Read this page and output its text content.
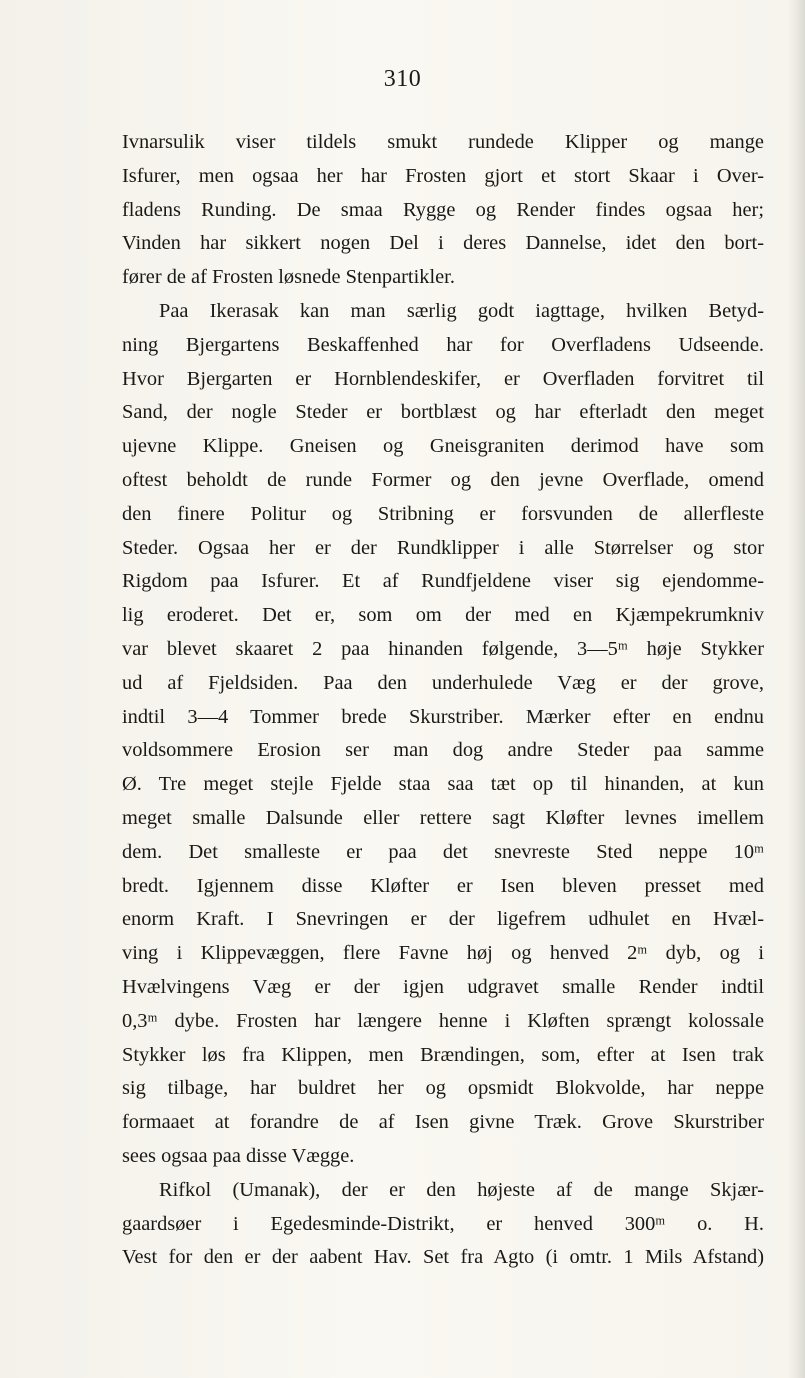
310
Ivnarsulik viser tildels smukt rundede Klipper og mange
Isfurer, men ogsaa her har Frosten gjort et stort Skaar i Over-
fladens Runding. De smaa Rygge og Render findes ogsaa her;
Vinden har sikkert nogen Del i deres Dannelse, idet den bort-
fører de af Frosten løsnede Stenpartikler.
Paa Ikerasak kan man særlig godt iagttage, hvilken Betyd-
ning Bjergartens Beskaffenhed har for Overfladens Udseende.
Hvor Bjergarten er Hornblendeskifer, er Overfladen forvitret til
Sand, der nogle Steder er bortblæst og har efterladt den meget
ujevne Klippe. Gneisen og Gneisgraniten derimod have som
oftest beholdt de runde Former og den jevne Overflade, omend
den finere Politur og Stribning er forsvunden de allerfleste
Steder. Ogsaa her er der Rundklipper i alle Størrelser og stor
Rigdom paa Isfurer. Et af Rundfjeldene viser sig ejendomme-
lig eroderet. Det er, som om der med en Kjæmpekrumkniv
var blevet skaaret 2 paa hinanden følgende, 3—5ᵐ høje Stykker
ud af Fjeldsiden. Paa den underhulede Væg er der grove,
indtil 3—4 Tommer brede Skurstriber. Mærker efter en endnu
voldsommere Erosion ser man dog andre Steder paa samme
Ø. Tre meget stejle Fjelde staa saa tæt op til hinanden, at kun
meget smalle Dalsunde eller rettere sagt Kløfter levnes imellem
dem. Det smalleste er paa det snevreste Sted neppe 10ᵐ
bredt. Igjennem disse Kløfter er Isen bleven presset med
enorm Kraft. I Snevringen er der ligefrem udhulet en Hvæl-
ving i Klippevæggen, flere Favne høj og henved 2ᵐ dyb, og i
Hvælvingens Væg er der igjen udgravet smalle Render indtil
0,3ᵐ dybe. Frosten har længere henne i Kløften sprængt kolossale
Stykker løs fra Klippen, men Brændingen, som, efter at Isen trak
sig tilbage, har buldret her og opsmidt Blokvolde, har neppe
formaaet at forandre de af Isen givne Træk. Grove Skurstriber
sees ogsaa paa disse Vægge.
Rifkol (Umanak), der er den højeste af de mange Skjær-
gaardsøer i Egedesminde-Distrikt, er henved 300ᵐ o. H.
Vest for den er der aabent Hav. Set fra Agto (i omtr. 1 Mils Afstand)
